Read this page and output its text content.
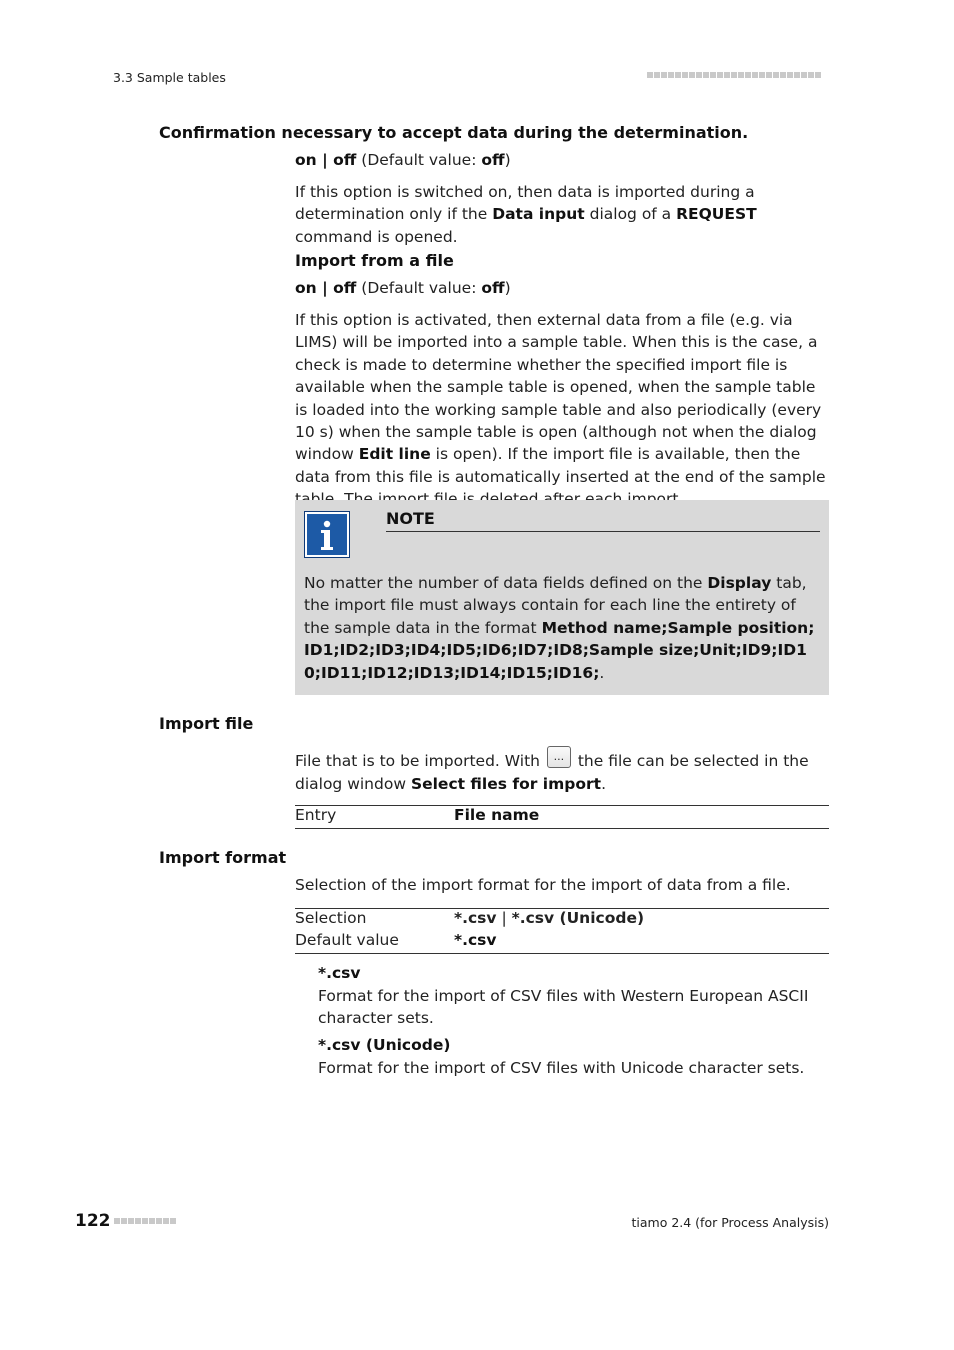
3.3 Sample tables
Confirmation necessary to accept data during the determination.
on | off (Default value: off)
If this option is switched on, then data is imported during a determination only if the Data input dialog of a REQUEST command is opened.
Import from a file
on | off (Default value: off)
If this option is activated, then external data from a file (e.g. via LIMS) will be imported into a sample table. When this is the case, a check is made to determine whether the specified import file is available when the sample table is opened, when the sample table is loaded into the working sample table and also periodically (every 10 s) when the sample table is open (although not when the dialog window Edit line is open). If the import file is available, then the data from this file is automatically inserted at the end of the sample
NOTE
No matter the number of data fields defined on the Display tab, the import file must always contain for each line the entirety of the sample data in the format Method name;Sample position;ID1;ID2;ID3;ID4;ID5;ID6;ID7;ID8;Sample size;Unit;ID9;ID10;ID11;ID12;ID13;ID14;ID15;ID16;.
Import file
File that is to be imported. With ... the file can be selected in the dialog window Select files for import.
Entry	File name
Import format
Selection of the import format for the import of data from a file.
Selection	*.csv | *.csv (Unicode)
Default value	*.csv
*.csv
Format for the import of CSV files with Western European ASCII character sets.
*.csv (Unicode)
Format for the import of CSV files with Unicode character sets.
122	tiamo 2.4 (for Process Analysis)
